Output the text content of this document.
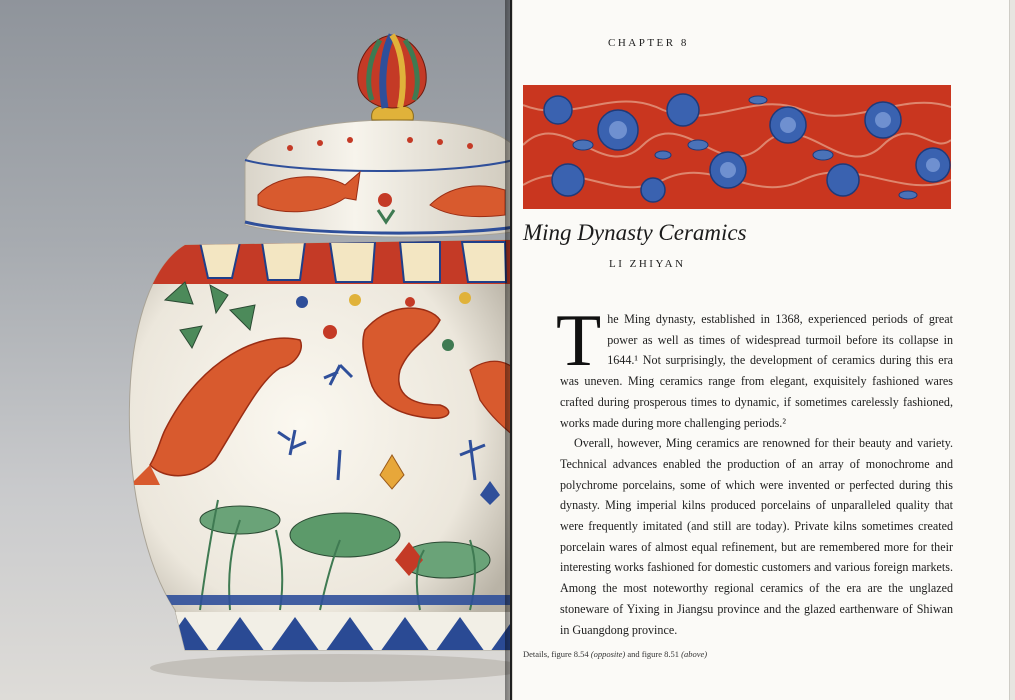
CHAPTER 8
Ming Dynasty Ceramics
LI ZHIYAN

The Ming dynasty, established in 1368, experienced periods of great power as well as times of widespread turmoil before its collapse in 1644.¹ Not surprisingly, the development of ceramics during this era was uneven. Ming ceramics range from elegant, exquisitely fashioned wares crafted during prosperous times to dynamic, if sometimes carelessly fashioned, works made during more challenging periods.²

Overall, however, Ming ceramics are renowned for their beauty and variety. Technical advances enabled the production of an array of monochrome and polychrome porcelains, some of which were invented or perfected during this dynasty. Ming imperial kilns produced porcelains of unparalleled quality that were frequently imitated (and still are today). Private kilns sometimes created porcelain wares of almost equal refinement, but are remembered more for their interesting works fashioned for domestic customers and various foreign markets. Among the most noteworthy regional ceramics of the era are the unglazed stoneware of Yixing in Jiangsu province and the glazed earthenware of Shiwan in Guangdong province.

Details, figure 8.54 (opposite) and figure 8.51 (above)
